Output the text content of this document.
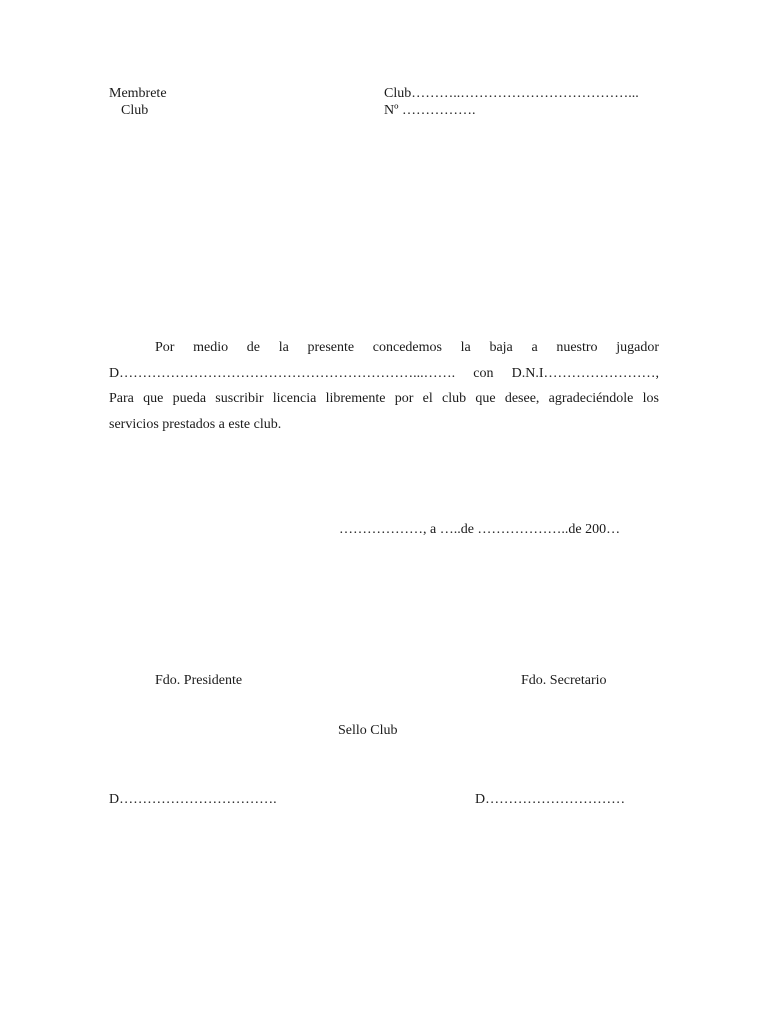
Membrete
Club
Club………..………………………………...
Nº …………….
Por medio de la presente concedemos la baja a nuestro jugador
D………………………………………………………...……. con D.N.I……………………,
Para que pueda suscribir licencia libremente por el club que desee, agradeciéndole los
servicios prestados a este club.
………………, a …..de ………………..de 200…
Fdo. Presidente	Fdo. Secretario
Sello Club
D…………………………….	D…………………………
